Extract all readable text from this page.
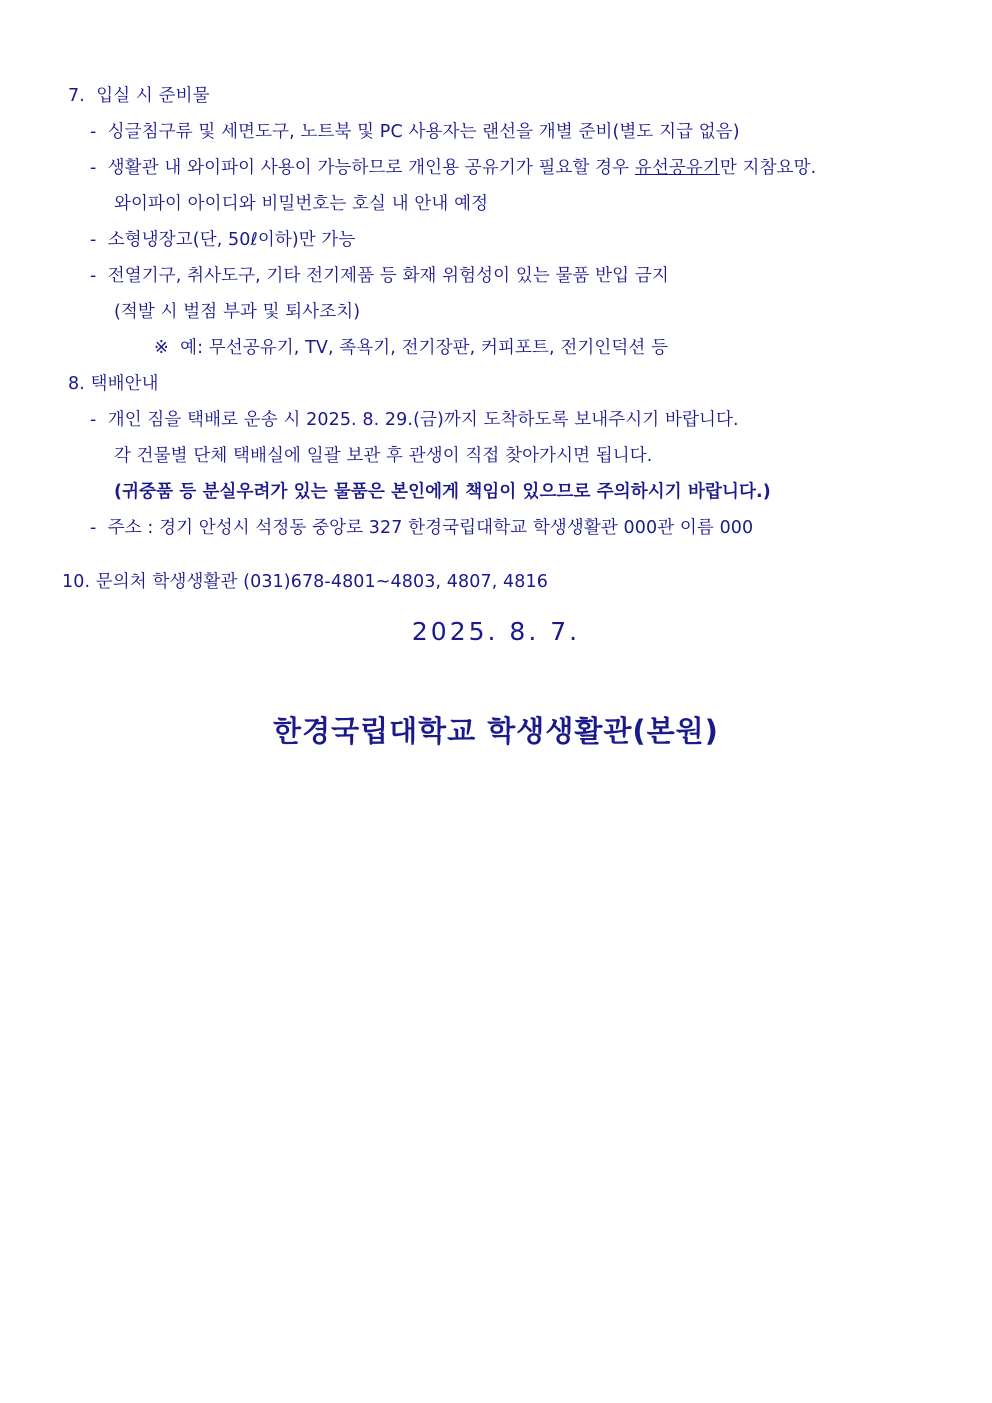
7. 입실 시 준비물
- 싱글침구류 및 세면도구, 노트북 및 PC 사용자는 랜선을 개별 준비(별도 지급 없음)
- 생활관 내 와이파이 사용이 가능하므로 개인용 공유기가 필요할 경우 유선공유기만 지참요망.
와이파이 아이디와 비밀번호는 호실 내 안내 예정
- 소형냉장고(단, 50ℓ이하)만 가능
- 전열기구, 취사도구, 기타 전기제품 등 화재 위험성이 있는 물품 반입 금지
(적발 시 벌점 부과 및 퇴사조치)
※ 예: 무선공유기, TV, 족욕기, 전기장판, 커피포트, 전기인덕션 등
8. 택배안내
- 개인 짐을 택배로 운송 시 2025. 8. 29.(금)까지 도착하도록 보내주시기 바랍니다.
각 건물별 단체 택배실에 일괄 보관 후 관생이 직접 찾아가시면 됩니다.
(귀중품 등 분실우려가 있는 물품은 본인에게 책임이 있으므로 주의하시기 바랍니다.)
- 주소 : 경기 안성시 석정동 중앙로 327 한경국립대학교 학생생활관 000관 이름 000
10. 문의처 학생생활관 (031)678-4801~4803, 4807, 4816
2025. 8. 7.
한경국립대학교 학생생활관(본원)
